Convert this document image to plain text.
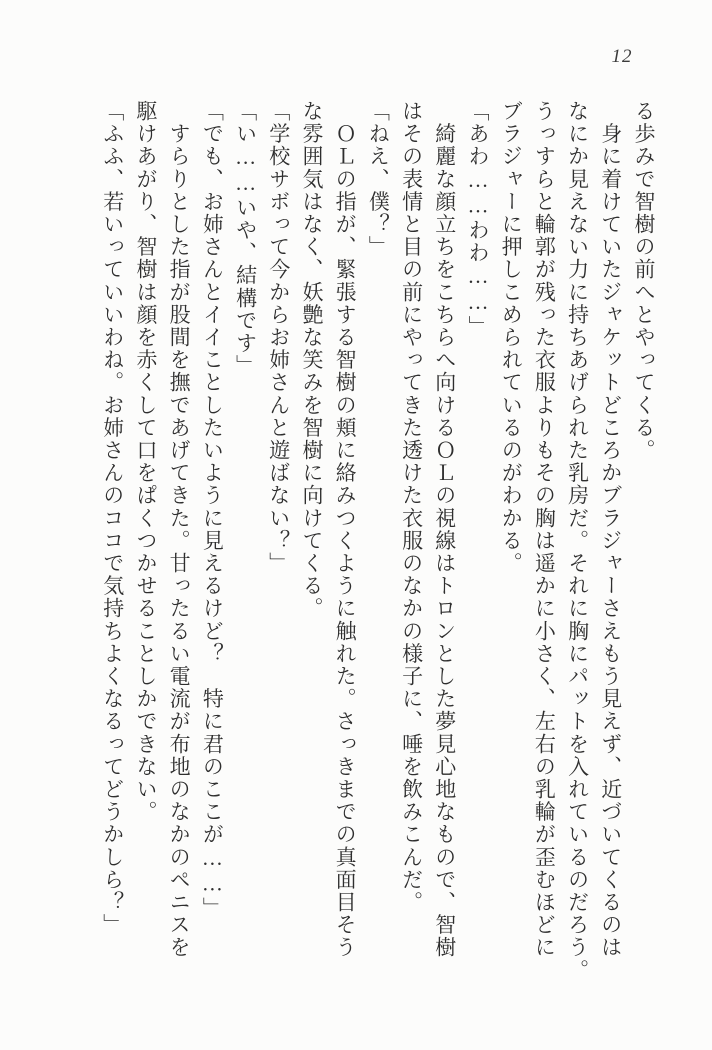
12

る歩みで智樹の前へとやってくる。

　身に着けていたジャケットどころかブラジャーさえもう見えず、近づいてくるのは

なにか見えない力に持ちあげられた乳房だ。それに胸にパットを入れているのだろう。

うっすらと輪郭が残った衣服よりもその胸は遥かに小さく、左右の乳輪が歪むほどに

ブラジャーに押しこめられているのがわかる。

「あわ……わわ……」

　綺麗な顔立ちをこちらへ向けるＯＬの視線はトロンとした夢見心地なもので、智樹

はその表情と目の前にやってきた透けた衣服のなかの様子に、唾を飲みこんだ。

「ねえ、僕？」

　ＯＬの指が、緊張する智樹の頬に絡みつくように触れた。さっきまでの真面目そう

な雰囲気はなく、妖艶な笑みを智樹に向けてくる。

「学校サボって今からお姉さんと遊ばない？」

「い……いや、結構です」

「でも、お姉さんとイイことしたいように見えるけど？　特に君のここが……」

　すらりとした指が股間を撫であげてきた。甘ったるい電流が布地のなかのペニスを

駆けあがり、智樹は顔を赤くして口をぱくつかせることしかできない。

「ふふ、若いっていいわね。お姉さんのココで気持ちよくなるってどうかしら？」
